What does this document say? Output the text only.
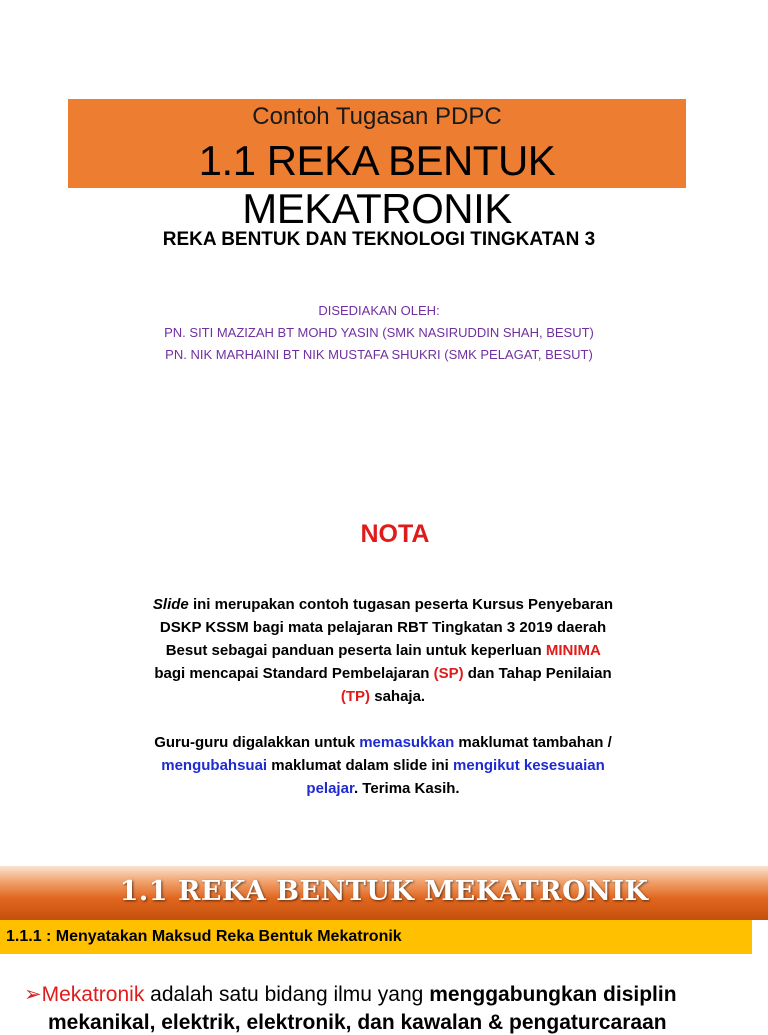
Contoh Tugasan PDPC
1.1 REKA BENTUK MEKATRONIK
REKA BENTUK DAN TEKNOLOGI TINGKATAN 3
DISEDIAKAN OLEH:
PN. SITI MAZIZAH BT MOHD YASIN (SMK NASIRUDDIN SHAH, BESUT)
PN. NIK MARHAINI BT NIK MUSTAFA SHUKRI (SMK PELAGAT, BESUT)
NOTA
Slide ini merupakan contoh tugasan peserta Kursus Penyebaran DSKP KSSM bagi mata pelajaran RBT Tingkatan 3 2019 daerah Besut sebagai panduan peserta lain untuk keperluan MINIMA bagi mencapai Standard Pembelajaran (SP) dan Tahap Penilaian (TP) sahaja.
Guru-guru digalakkan untuk memasukkan maklumat tambahan / mengubahsuai maklumat dalam slide ini mengikut kesesuaian pelajar. Terima Kasih.
1.1 REKA BENTUK MEKATRONIK
1.1.1 : Menyatakan Maksud Reka Bentuk Mekatronik
➢Mekatronik adalah satu bidang ilmu yang menggabungkan disiplin
mekanikal, elektrik, elektronik, dan kawalan & pengaturcaraan
